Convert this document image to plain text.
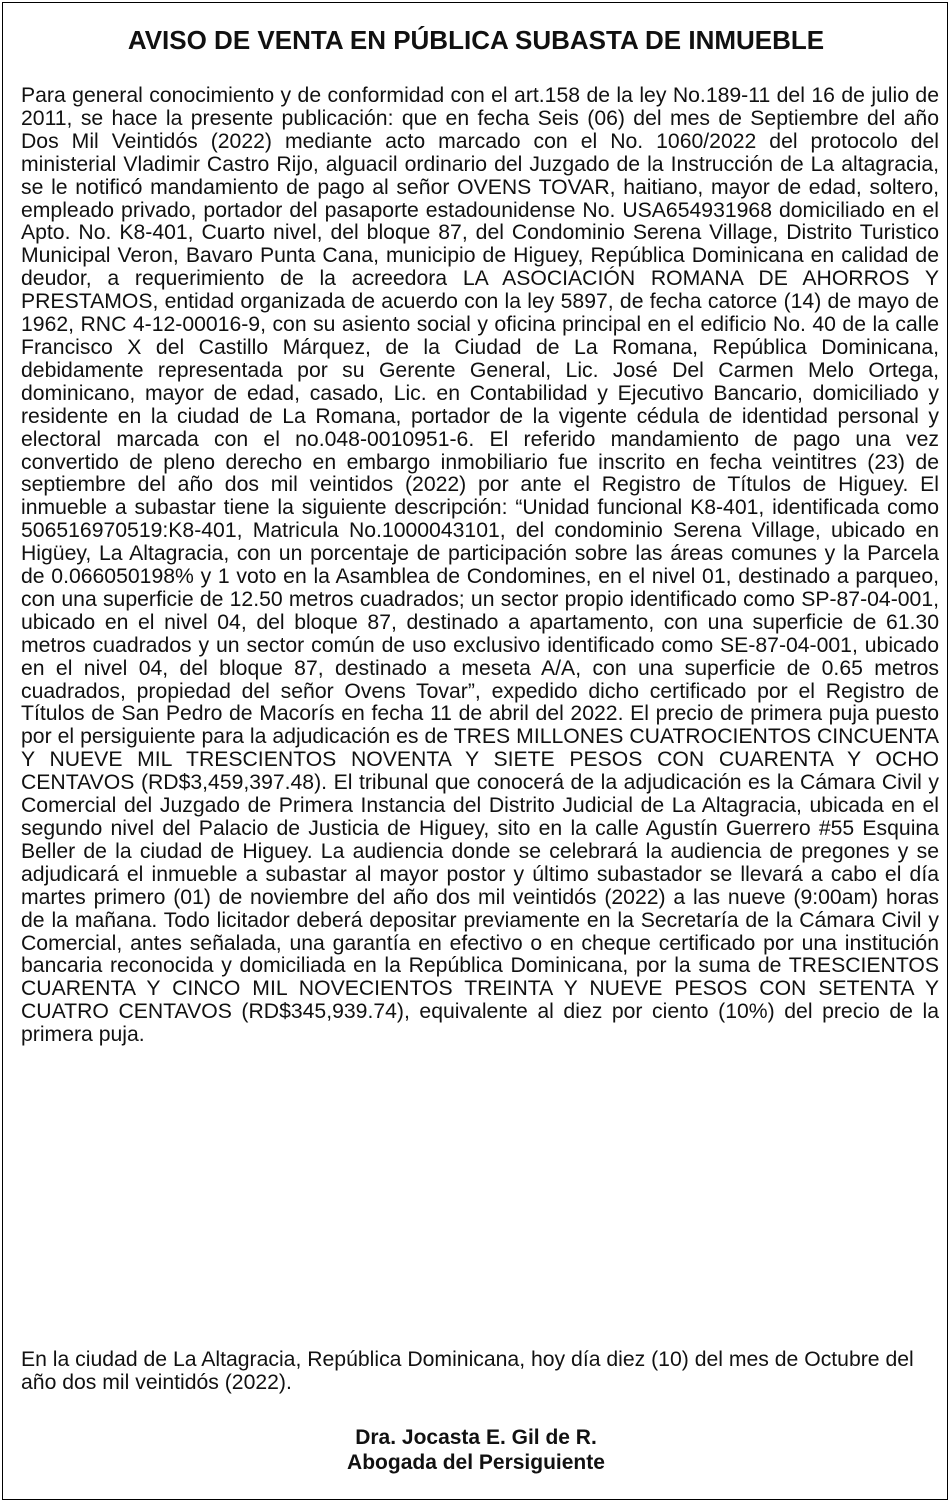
AVISO DE VENTA EN PÚBLICA SUBASTA DE INMUEBLE

Para general conocimiento y de conformidad con el art.158 de la ley No.189-11 del 16 de julio de 2011, se hace la presente publicación: que en fecha Seis (06) del mes de Septiembre del año Dos Mil Veintidós (2022) mediante acto marcado con el No. 1060/2022 del protocolo del ministerial Vladimir Castro Rijo, alguacil ordinario del Juzgado de la Instrucción de La altagracia, se le notificó mandamiento de pago al señor OVENS TOVAR, haitiano, mayor de edad, soltero, empleado privado, portador del pasaporte estadounidense No. USA654931968 domiciliado en el Apto. No. K8-401, Cuarto nivel, del bloque 87, del Condominio Serena Village, Distrito Turistico Municipal Veron, Bavaro Punta Cana, municipio de Higuey, República Dominicana en calidad de deudor, a requerimiento de la acreedora LA ASOCIACIÓN ROMANA DE AHORROS Y PRESTAMOS, entidad organizada de acuerdo con la ley 5897, de fecha catorce (14) de mayo de 1962, RNC 4-12-00016-9, con su asiento social y oficina principal en el edificio No. 40 de la calle Francisco X del Castillo Márquez, de la Ciudad de La Romana, República Dominicana, debidamente representada por su Gerente General, Lic. José Del Carmen Melo Ortega, dominicano, mayor de edad, casado, Lic. en Contabilidad y Ejecutivo Bancario, domiciliado y residente en la ciudad de La Romana, portador de la vigente cédula de identidad personal y electoral marcada con el no.048-0010951-6. El referido mandamiento de pago una vez convertido de pleno derecho en embargo inmobiliario fue inscrito en fecha veintitres (23) de septiembre del año dos mil veintidos (2022) por ante el Registro de Títulos de Higuey. El inmueble a subastar tiene la siguiente descripción: “Unidad funcional K8-401, identificada como 506516970519:K8-401, Matricula No.1000043101, del condominio Serena Village, ubicado en Higüey, La Altagracia, con un porcentaje de participación sobre las áreas comunes y la Parcela de 0.066050198% y 1 voto en la Asamblea de Condomines, en el nivel 01, destinado a parqueo, con una superficie de 12.50 metros cuadrados; un sector propio identificado como SP-87-04-001, ubicado en el nivel 04, del bloque 87, destinado a apartamento, con una superficie de 61.30 metros cuadrados y un sector común de uso exclusivo identificado como SE-87-04-001, ubicado en el nivel 04, del bloque 87, destinado a meseta A/A, con una superficie de 0.65 metros cuadrados, propiedad del señor Ovens Tovar”, expedido dicho certificado por el Registro de Títulos de San Pedro de Macorís en fecha 11 de abril del 2022. El precio de primera puja puesto por el persiguiente para la adjudicación es de TRES MILLONES CUATROCIENTOS CINCUENTA Y NUEVE MIL TRESCIENTOS NOVENTA Y SIETE PESOS CON CUARENTA Y OCHO CENTAVOS (RD$3,459,397.48). El tribunal que conocerá de la adjudicación es la Cámara Civil y Comercial del Juzgado de Primera Instancia del Distrito Judicial de La Altagracia, ubicada en el segundo nivel del Palacio de Justicia de Higuey, sito en la calle Agustín Guerrero #55 Esquina Beller de la ciudad de Higuey. La audiencia donde se celebrará la audiencia de pregones y se adjudicará el inmueble a subastar al mayor postor y último subastador se llevará a cabo el día martes primero (01) de noviembre del año dos mil veintidós (2022) a las nueve (9:00am) horas de la mañana. Todo licitador deberá depositar previamente en la Secretaría de la Cámara Civil y Comercial, antes señalada, una garantía en efectivo o en cheque certificado por una institución bancaria reconocida y domiciliada en la República Dominicana, por la suma de TRESCIENTOS CUARENTA Y CINCO MIL NOVECIENTOS TREINTA Y NUEVE PESOS CON SETENTA Y CUATRO CENTAVOS (RD$345,939.74), equivalente al diez por ciento (10%) del precio de la primera puja.

En la ciudad de La Altagracia, República Dominicana, hoy día diez (10) del mes de Octubre del año dos mil veintidós (2022).

Dra. Jocasta E. Gil de R.
Abogada del Persiguiente
